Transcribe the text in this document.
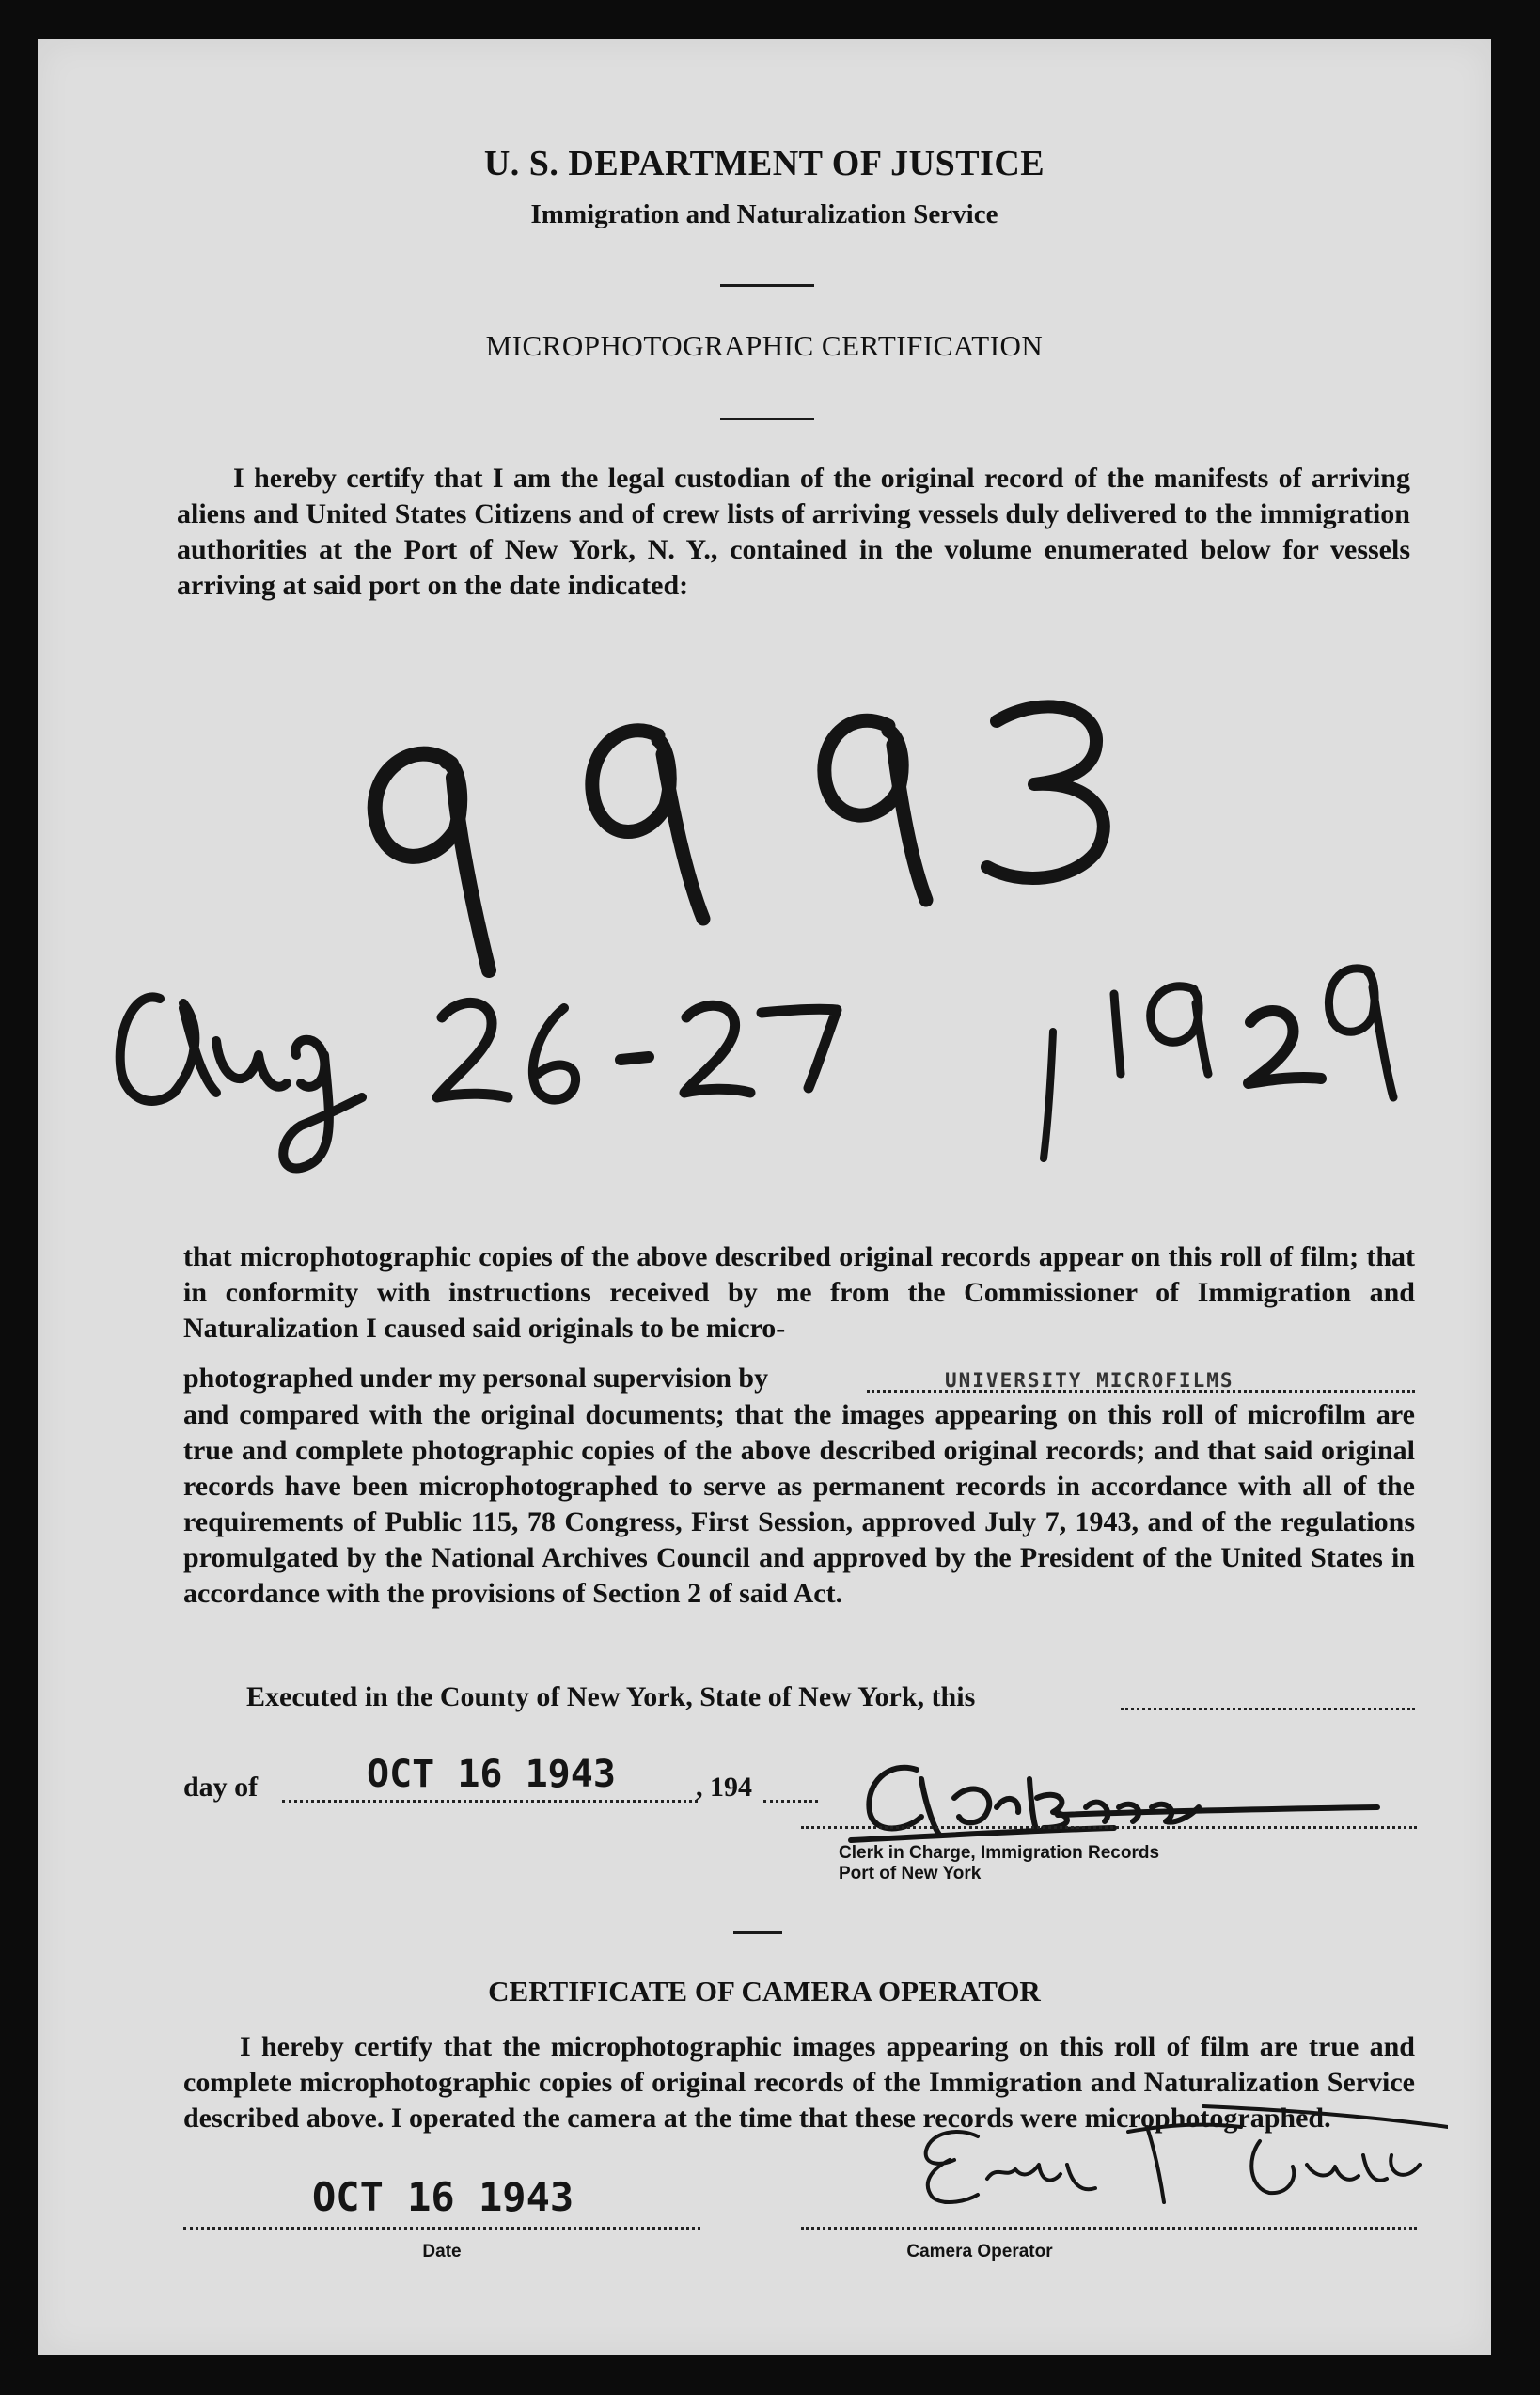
U. S. DEPARTMENT OF JUSTICE
Immigration and Naturalization Service
MICROPHOTOGRAPHIC CERTIFICATION

I hereby certify that I am the legal custodian of the original record of the manifests of arriving aliens and United States Citizens and of crew lists of arriving vessels duly delivered to the immigration authorities at the Port of New York, N. Y., contained in the volume enumerated below for vessels arriving at said port on the date indicated:

that microphotographic copies of the above described original records appear on this roll of film; that in conformity with instructions received by me from the Commissioner of Immigration and Naturalization I caused said originals to be micro-

photographed under my personal supervision by	UNIVERSITY MICROFILMS

and compared with the original documents; that the images appearing on this roll of microfilm are true and complete photographic copies of the above described original records; and that said original records have been microphotographed to serve as permanent records in accordance with all of the requirements of Public 115, 78 Congress, First Session, approved July 7, 1943, and of the regulations promulgated by the National Archives Council and approved by the President of the United States in accordance with the provisions of Section 2 of said Act.

Executed in the County of New York, State of New York, this
day of	OCT 16 1943	, 194
Clerk in Charge, Immigration Records
Port of New York
CERTIFICATE OF CAMERA OPERATOR

I hereby certify that the microphotographic images appearing on this roll of film are true and complete microphotographic copies of original records of the Immigration and Naturalization Service described above. I operated the camera at the time that these records were microphotographed.

OCT 16 1943
Date	Camera Operator
